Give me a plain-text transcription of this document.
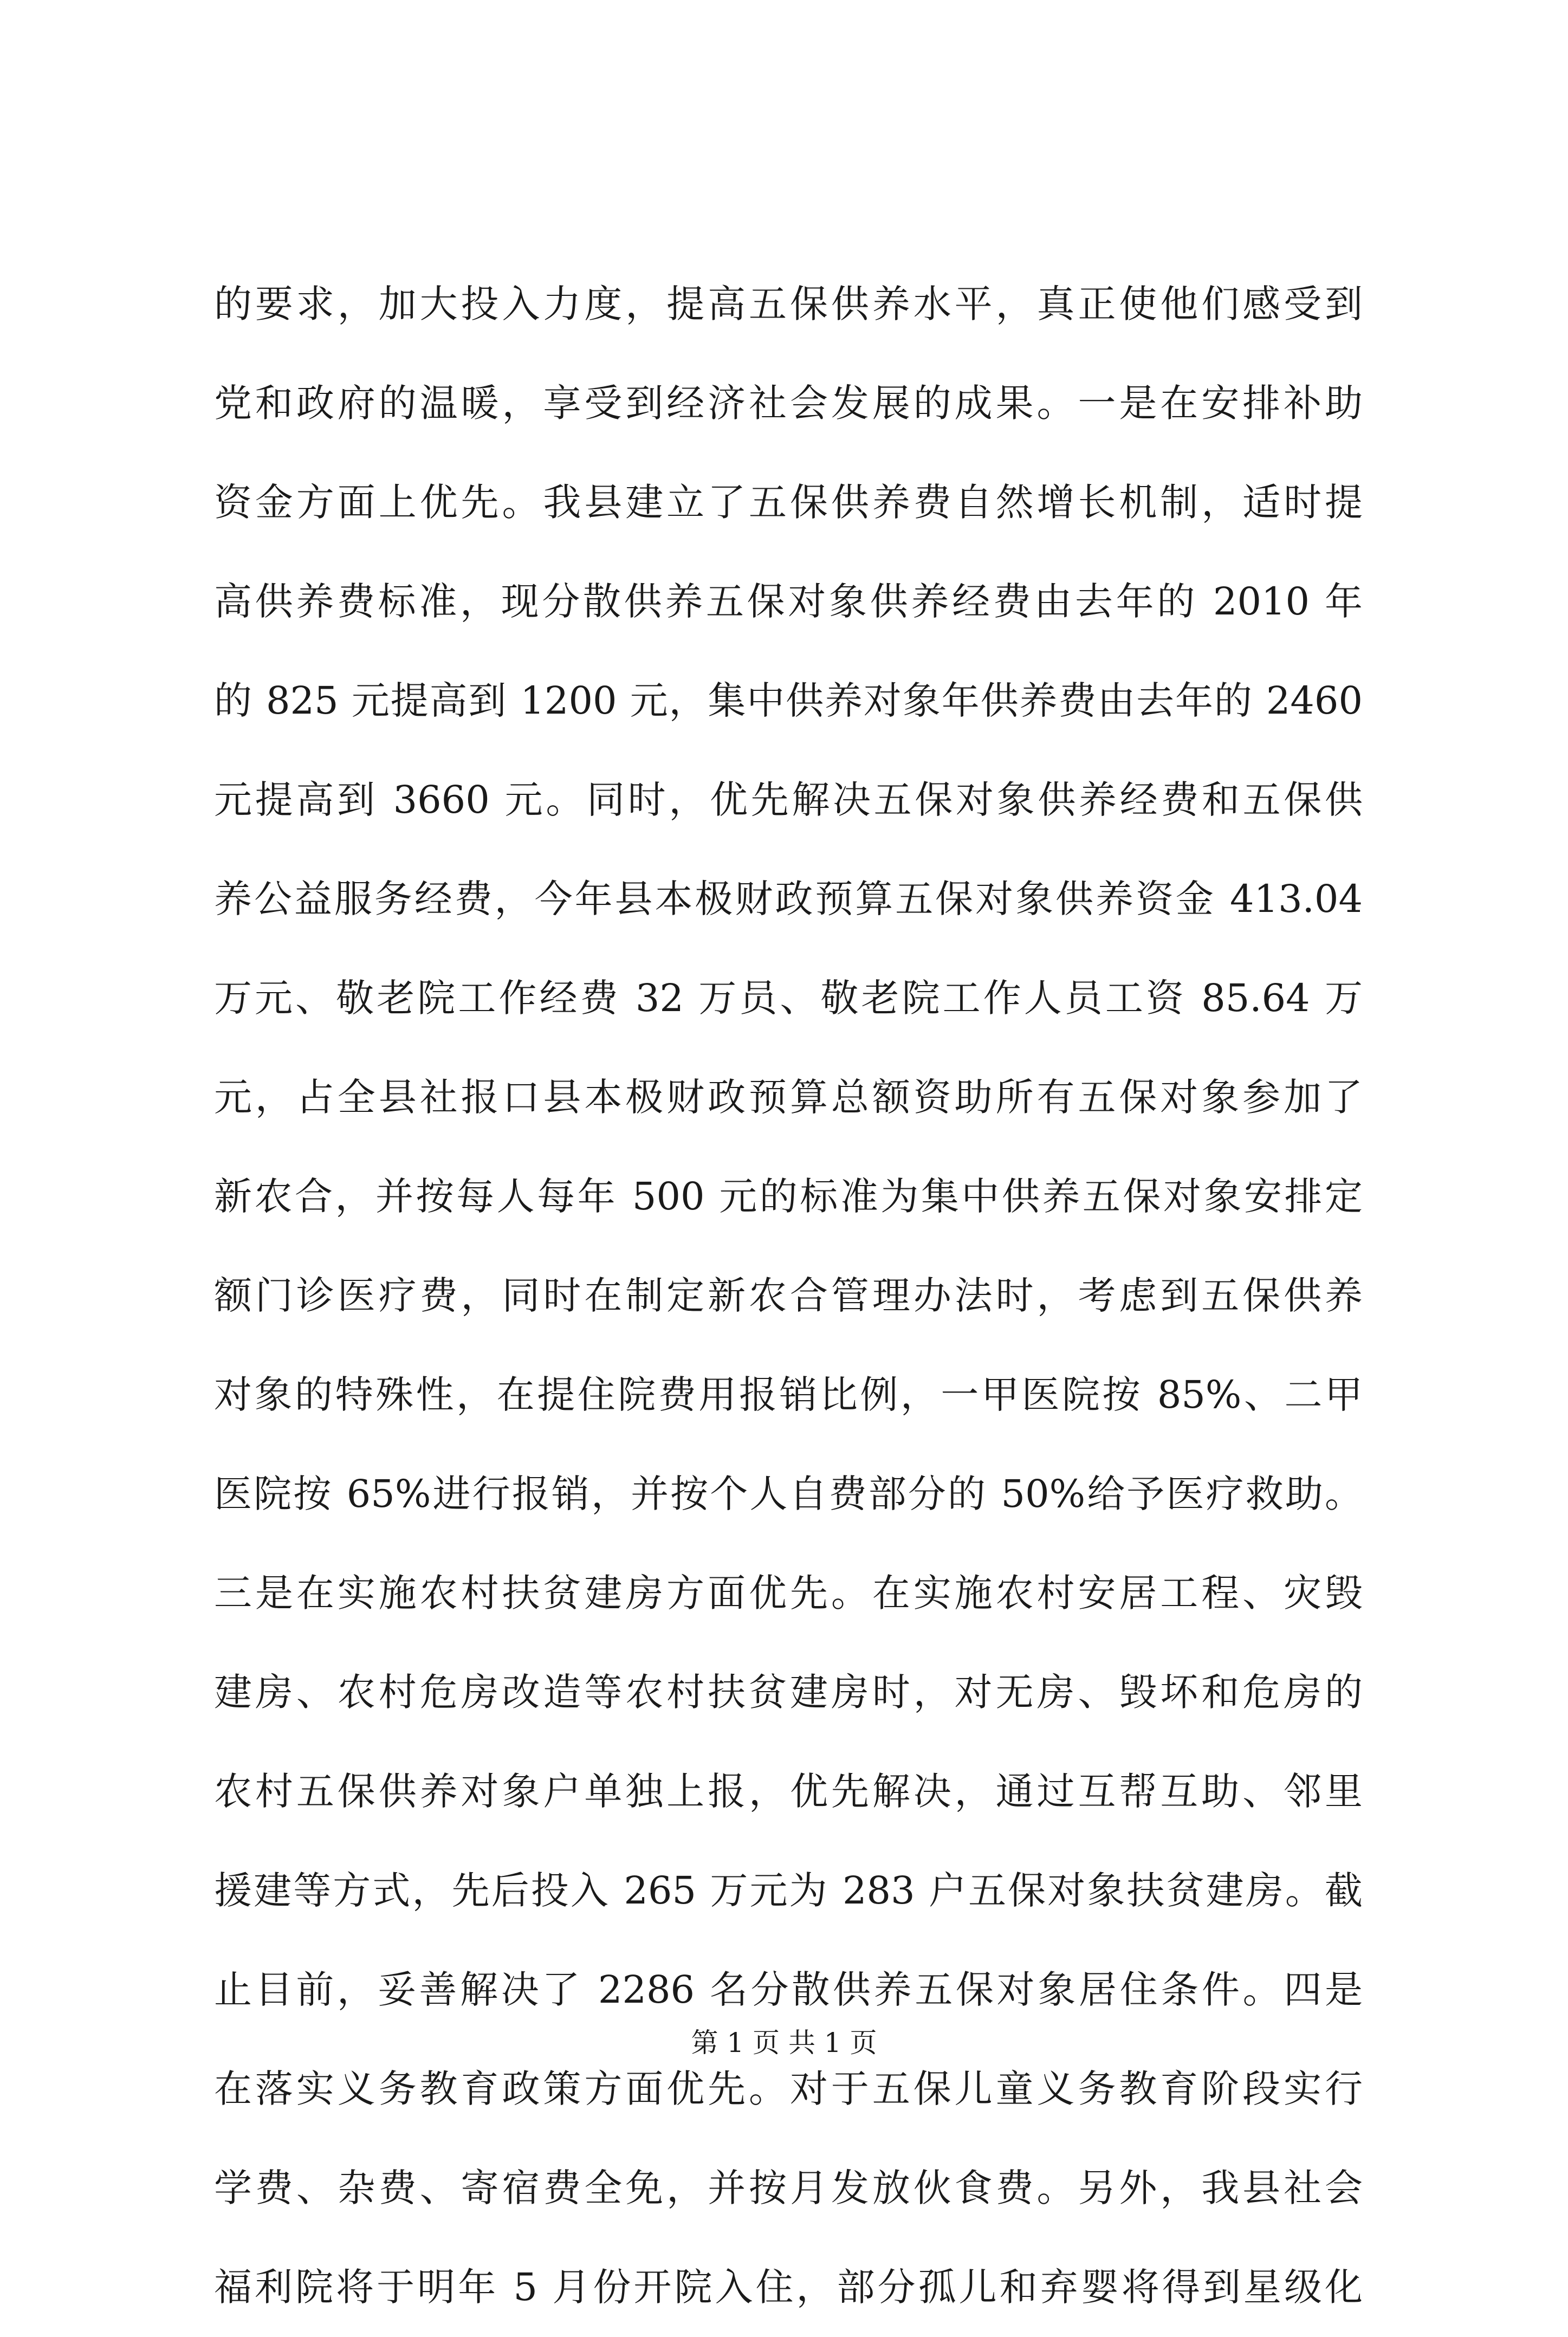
的要求，加大投入力度，提高五保供养水平，真正使他们感受到
党和政府的温暖，享受到经济社会发展的成果。一是在安排补助
资金方面上优先。我县建立了五保供养费自然增长机制，适时提
高供养费标准，现分散供养五保对象供养经费由去年的 2010 年
的 825 元提高到 1200 元，集中供养对象年供养费由去年的 2460
元提高到 3660 元。同时，优先解决五保对象供养经费和五保供
养公益服务经费，今年县本极财政预算五保对象供养资金 413.04
万元、敬老院工作经费 32 万员、敬老院工作人员工资 85.64 万
元，占全县社报口县本极财政预算总额资助所有五保对象参加了
新农合，并按每人每年 500 元的标准为集中供养五保对象安排定
额门诊医疗费，同时在制定新农合管理办法时，考虑到五保供养
对象的特殊性，在提住院费用报销比例，一甲医院按 85%、二甲
医院按 65%进行报销，并按个人自费部分的 50%给予医疗救助。
三是在实施农村扶贫建房方面优先。在实施农村安居工程、灾毁
建房、农村危房改造等农村扶贫建房时，对无房、毁坏和危房的
农村五保供养对象户单独上报，优先解决，通过互帮互助、邻里
援建等方式，先后投入 265 万元为 283 户五保对象扶贫建房。截
止目前，妥善解决了 2286 名分散供养五保对象居住条件。四是
在落实义务教育政策方面优先。对于五保儿童义务教育阶段实行
学费、杂费、寄宿费全免，并按月发放伙食费。另外，我县社会
福利院将于明年 5 月份开院入住，部分孤儿和弃婴将得到星级化
第 1 页 共 1 页
